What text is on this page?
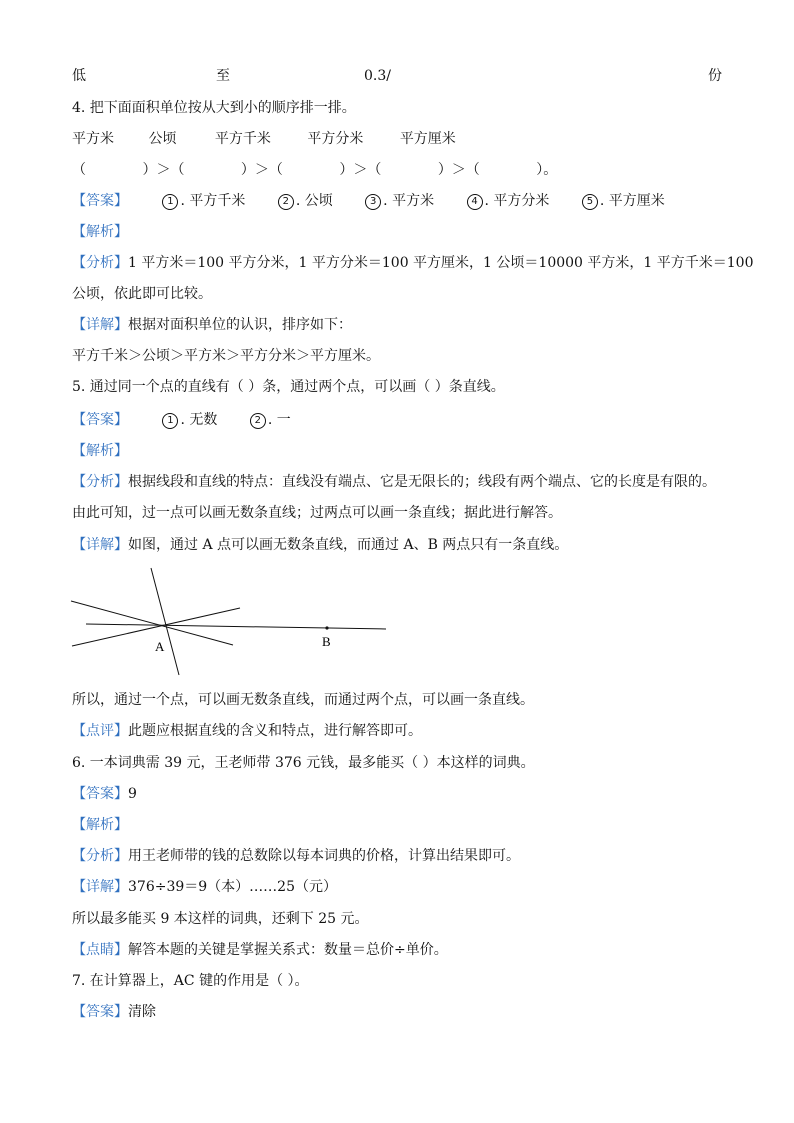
低	至	0.3/	份
4. 把下面面积单位按从大到小的顺序排一排。
平方米 公顷	平方千米	平方分米	平方厘米
（	）＞（	）＞（	）＞（	）＞（	）。
【答案】	1 . 平方千米	2 . 公顷	3 . 平方米	4 . 平方分米	5 . 平方厘米
【解析】
【分析】1 平方米＝100 平方分米，1 平方分米＝100 平方厘米，1 公顷＝10000 平方米，1 平方千米＝100
公顷，依此即可比较。
【详解】根据对面积单位的认识，排序如下：
平方千米＞公顷＞平方米＞平方分米＞平方厘米。
5. 通过同一个点的直线有（ ）条，通过两个点，可以画（ ）条直线。
【答案】	1 . 无数	2 . 一
【解析】
【分析】根据线段和直线的特点：直线没有端点、它是无限长的；线段有两个端点、它的长度是有限的。
由此可知，过一点可以画无数条直线；过两点可以画一条直线；据此进行解答。
【详解】如图，通过 A 点可以画无数条直线，而通过 A、B 两点只有一条直线。
A	B
所以，通过一个点，可以画无数条直线，而通过两个点，可以画一条直线。
【点评】此题应根据直线的含义和特点，进行解答即可。
6. 一本词典需 39 元，王老师带 376 元钱，最多能买（ ）本这样的词典。
【答案】9
【解析】
【分析】用王老师带的钱的总数除以每本词典的价格，计算出结果即可。
【详解】376÷39＝9（本）……25（元）
所以最多能买 9 本这样的词典，还剩下 25 元。
【点睛】解答本题的关键是掌握关系式：数量＝总价÷单价。
7. 在计算器上，AC 键的作用是（ ）。
【答案】清除
